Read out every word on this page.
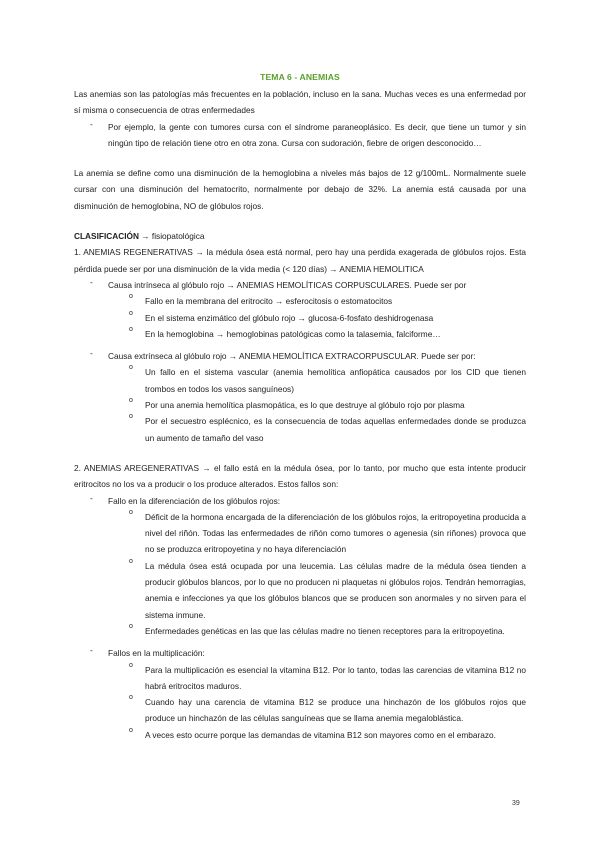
TEMA 6 - ANEMIAS

Las anemias son las patologías más frecuentes en la población, incluso en la sana. Muchas veces es una enfermedad por sí misma o consecuencia de otras enfermedades

- Por ejemplo, la gente con tumores cursa con el síndrome paraneoplásico. Es decir, que tiene un tumor y sin ningún tipo de relación tiene otro en otra zona. Cursa con sudoración, fiebre de origen desconocido…

La anemia se define como una disminución de la hemoglobina a niveles más bajos de 12 g/100mL. Normalmente suele cursar con una disminución del hematocrito, normalmente por debajo de 32%. La anemia está causada por una disminución de hemoglobina, NO de glóbulos rojos.

CLASIFICACIÓN → fisiopatológica

1. ANEMIAS REGENERATIVAS → la médula ósea está normal, pero hay una perdida exagerada de glóbulos rojos. Esta pérdida puede ser por una disminución de la vida media (< 120 días) → ANEMIA HEMOLITICA

- Causa intrínseca al glóbulo rojo → ANEMIAS HEMOLÍTICAS CORPUSCULARES. Puede ser por

o Fallo en la membrana del eritrocito → esferocitosis o estomatocitos

o En el sistema enzimático del glóbulo rojo → glucosa-6-fosfato deshidrogenasa

o En la hemoglobina → hemoglobinas patológicas como la talasemia, falciforme…

- Causa extrínseca al glóbulo rojo → ANEMIA HEMOLÍTICA EXTRACORPUSCULAR. Puede ser por:

o Un fallo en el sistema vascular (anemia hemolítica anfiopática causados por los CID que tienen trombos en todos los vasos sanguíneos)

o Por una anemia hemolítica plasmopática, es lo que destruye al glóbulo rojo por plasma

o Por el secuestro esplécnico, es la consecuencia de todas aquellas enfermedades donde se produzca un aumento de tamaño del vaso

2. ANEMIAS AREGENERATIVAS → el fallo está en la médula ósea, por lo tanto, por mucho que esta intente producir eritrocitos no los va a producir o los produce alterados. Estos fallos son:

- Fallo en la diferenciación de los glóbulos rojos:

o Déficit de la hormona encargada de la diferenciación de los glóbulos rojos, la eritropoyetina producida a nivel del riñón. Todas las enfermedades de riñón como tumores o agenesia (sin riñones) provoca que no se produzca eritropoyetina y no haya diferenciación

o La médula ósea está ocupada por una leucemia. Las células madre de la médula ósea tienden a producir glóbulos blancos, por lo que no producen ni plaquetas ni glóbulos rojos. Tendrán hemorragias, anemia e infecciones ya que los glóbulos blancos que se producen son anormales y no sirven para el sistema inmune.

o Enfermedades genéticas en las que las células madre no tienen receptores para la eritropoyetina.

- Fallos en la multiplicación:

o Para la multiplicación es esencial la vitamina B12. Por lo tanto, todas las carencias de vitamina B12 no habrá eritrocitos maduros.

o Cuando hay una carencia de vitamina B12 se produce una hinchazón de los glóbulos rojos que produce un hinchazón de las células sanguíneas que se llama anemia megaloblástica.

o A veces esto ocurre porque las demandas de vitamina B12 son mayores como en el embarazo.

39
